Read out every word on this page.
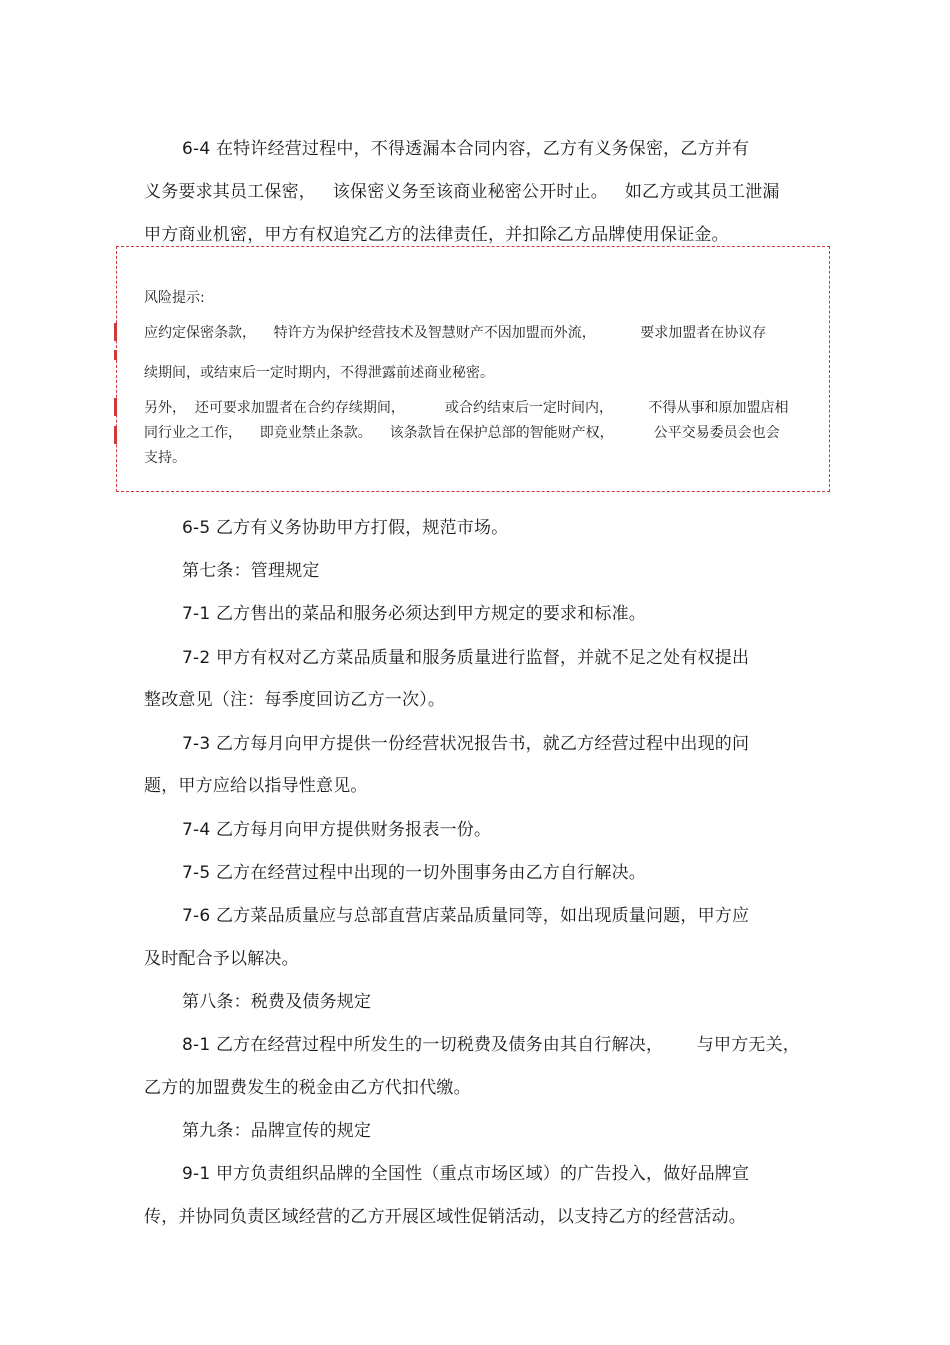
6-4 在特许经营过程中，不得透漏本合同内容，乙方有义务保密，乙方并有
义务要求其员工保密，   该保密义务至该商业秘密公开时止。   如乙方或其员工泄漏
甲方商业机密，甲方有权追究乙方的法律责任，并扣除乙方品牌使用保证金。
风险提示:
应约定保密条款，    特许方为保护经营技术及智慧财产不因加盟而外流，          要求加盟者在协议存
续期间，或结束后一定时期内，不得泄露前述商业秘密。
另外，  还可要求加盟者在合约存续期间，         或合约结束后一定时间内，        不得从事和原加盟店相
同行业之工作，    即竞业禁止条款。    该条款旨在保护总部的智能财产权，         公平交易委员会也会
支持。
6-5 乙方有义务协助甲方打假，规范市场。
第七条：管理规定
7-1 乙方售出的菜品和服务必须达到甲方规定的要求和标准。
7-2 甲方有权对乙方菜品质量和服务质量进行监督，并就不足之处有权提出
整改意见（注：每季度回访乙方一次）。
7-3 乙方每月向甲方提供一份经营状况报告书，就乙方经营过程中出现的问
题，甲方应给以指导性意见。
7-4 乙方每月向甲方提供财务报表一份。
7-5 乙方在经营过程中出现的一切外围事务由乙方自行解决。
7-6 乙方菜品质量应与总部直营店菜品质量同等，如出现质量问题，甲方应
及时配合予以解决。
第八条：税费及债务规定
8-1 乙方在经营过程中所发生的一切税费及债务由其自行解决，      与甲方无关，
乙方的加盟费发生的税金由乙方代扣代缴。
第九条：品牌宣传的规定
9-1 甲方负责组织品牌的全国性（重点市场区域）的广告投入，做好品牌宣
传，并协同负责区域经营的乙方开展区域性促销活动，以支持乙方的经营活动。
